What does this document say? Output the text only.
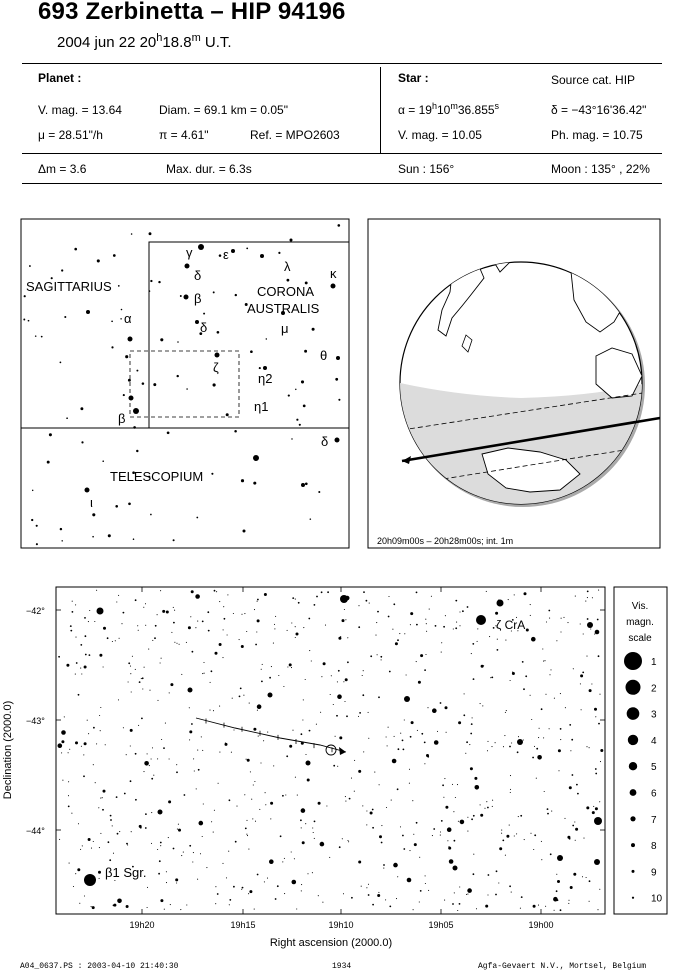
693 Zerbinetta – HIP 94196
2004 jun 22 20$^h$18.8$^m$ U.T.
Planet :
V. mag. = 13.64	Diam. = 69.1 km = 0.05"
μ = 28.51"/h	π = 4.61"	Ref. = MPO2603
Δm = 3.6	Max. dur. = 6.3s
Star :	Source cat. HIP
$\alpha = 19^h10^m36.855^s$	δ = −43°16'36.42"
V. mag. = 10.05	Ph. mag. = 10.75
Sun : 156°	Moon : 135° , 22%
SAGITTARIUS	CORONA
AUSTRALIS
TELESCOPIUM
γ ε
λ	κ
δ
β
δ	μ
α
θ
ζ
η2
η1
β
δ
ι
20h09m00s – 20h28m00s; int. 1m
ζ CrA
β1 Sgr.
−42°
−43°
−44°
19h20	19h15	19h10	19h05	19h00
Right ascension (2000.0)
Declination (2000.0)
Vis.
magn.
scale
1
2
3
4
5
6
7
8
9
10
A04_0637.PS : 2003-04-10 21:40:30	1934	Agfa-Gevaert N.V., Mortsel, Belgium
